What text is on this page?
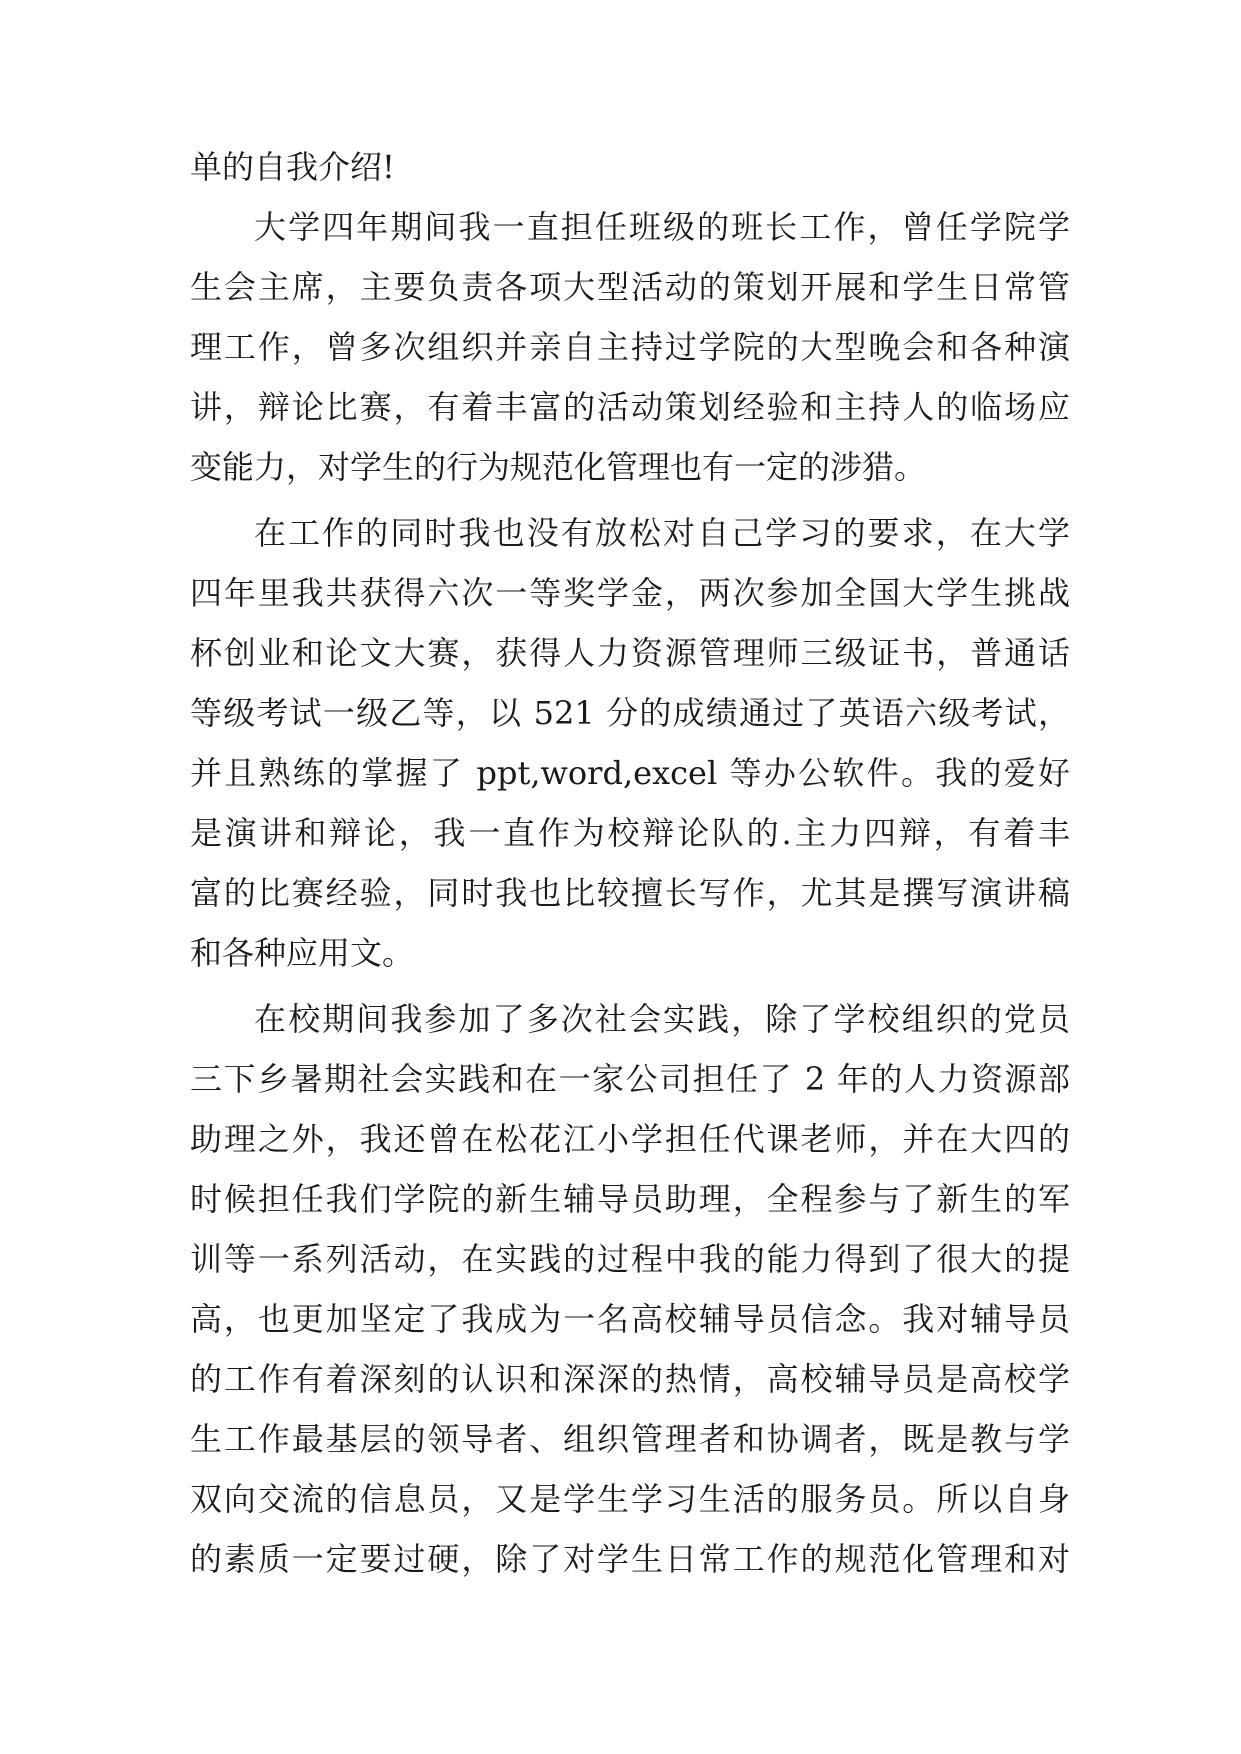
单的自我介绍!
大学四年期间我一直担任班级的班长工作，曾任学院学
生会主席，主要负责各项大型活动的策划开展和学生日常管
理工作，曾多次组织并亲自主持过学院的大型晚会和各种演
讲，辩论比赛，有着丰富的活动策划经验和主持人的临场应
变能力，对学生的行为规范化管理也有一定的涉猎。
在工作的同时我也没有放松对自己学习的要求，在大学
四年里我共获得六次一等奖学金，两次参加全国大学生挑战
杯创业和论文大赛，获得人力资源管理师三级证书，普通话
等级考试一级乙等，以 521 分的成绩通过了英语六级考试，
并且熟练的掌握了 ppt,word,excel 等办公软件。我的爱好
是演讲和辩论，我一直作为校辩论队的.主力四辩，有着丰
富的比赛经验，同时我也比较擅长写作，尤其是撰写演讲稿
和各种应用文。
在校期间我参加了多次社会实践，除了学校组织的党员
三下乡暑期社会实践和在一家公司担任了 2 年的人力资源部
助理之外，我还曾在松花江小学担任代课老师，并在大四的
时候担任我们学院的新生辅导员助理，全程参与了新生的军
训等一系列活动，在实践的过程中我的能力得到了很大的提
高，也更加坚定了我成为一名高校辅导员信念。我对辅导员
的工作有着深刻的认识和深深的热情，高校辅导员是高校学
生工作最基层的领导者、组织管理者和协调者，既是教与学
双向交流的信息员，又是学生学习生活的服务员。所以自身
的素质一定要过硬，除了对学生日常工作的规范化管理和对
